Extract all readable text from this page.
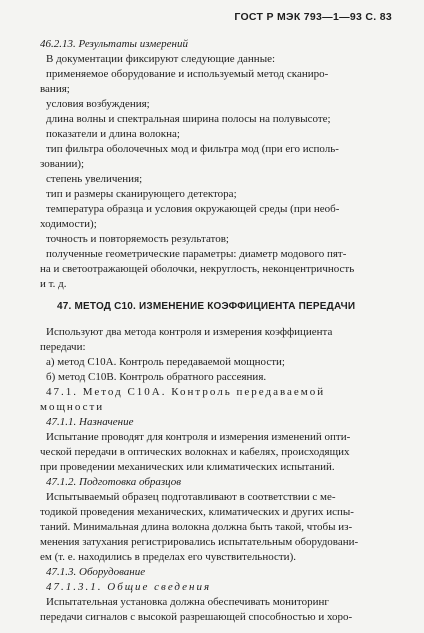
ГОСТ Р МЭК 793—1—93 С. 83
46.2.13. Результаты измерений
В документации фиксируют следующие данные:
применяемое оборудование и используемый метод сканиро-
вания;
условия возбуждения;
длина волны и спектральная ширина полосы на полувысоте;
показатели и длина волокна;
тип фильтра оболочечных мод и фильтра мод (при его исполь-
зовании);
степень увеличения;
тип и размеры сканирующего детектора;
температура образца и условия окружающей среды (при необ-
ходимости);
точность и повторяемость результатов;
полученные геометрические параметры: диаметр модового пят-
на и светоотражающей оболочки, некруглость, неконцентричность
и т. д.
47. МЕТОД С10. ИЗМЕНЕНИЕ КОЭФФИЦИЕНТА ПЕРЕДАЧИ
Используют два метода контроля и измерения коэффициента
передачи:
а) метод С10А. Контроль передаваемой мощности;
б) метод С10В. Контроль обратного рассеяния.
47.1. Метод С10А. Контроль передаваемой
мощности
47.1.1. Назначение
Испытание проводят для контроля и измерения изменений опти-
ческой передачи в оптических волокнах и кабелях, происходящих
при проведении механических или климатических испытаний.
47.1.2. Подготовка образцов
Испытываемый образец подготавливают в соответствии с ме-
тодикой проведения механических, климатических и других испы-
таний. Минимальная длина волокна должна быть такой, чтобы из-
менения затухания регистрировались испытательным оборудовани-
ем (т. е. находились в пределах его чувствительности).
47.1.3. Оборудование
47.1.3.1. Общие сведения
Испытательная установка должна обеспечивать мониторинг
передачи сигналов с высокой разрешающей способностью и хоро-
